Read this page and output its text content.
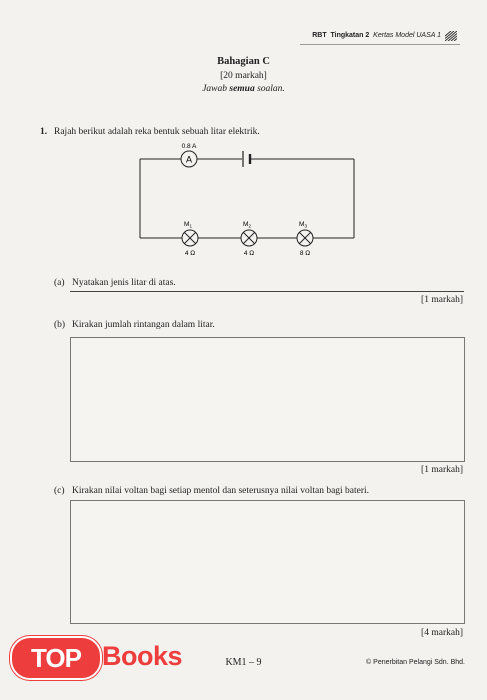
RBT Tingkatan 2 Kertas Model UASA 1
Bahagian C
[20 markah]
Jawab semua soalan.
1. Rajah berikut adalah reka bentuk sebuah litar elektrik.
A
0.8 A
$M_1$
4 Ω
$M_2$
4 Ω
$M_3$
8 Ω
(a) Nyatakan jenis litar di atas.
[1 markah]
(b) Kirakan jumlah rintangan dalam litar.
[1 markah]
(c) Kirakan nilai voltan bagi setiap mentol dan seterusnya nilai voltan bagi bateri.
[4 markah]
KM1 – 9	© Penerbitan Pelangi Sdn. Bhd.
TOP Books
